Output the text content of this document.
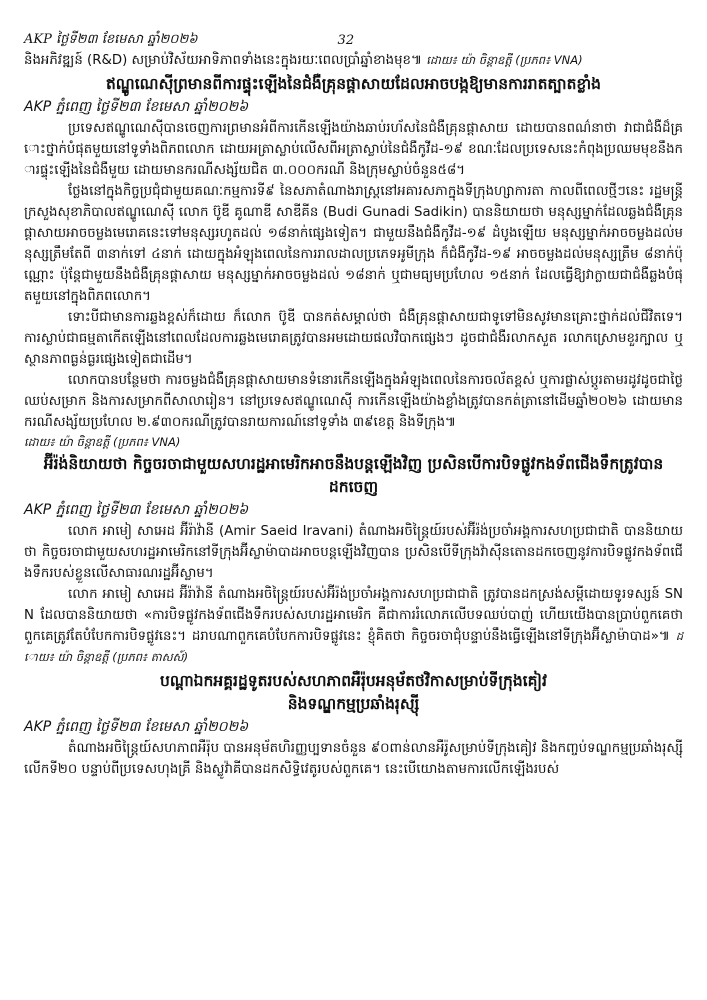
AKP ថ្ងៃទី២៣ ខែមេសា ឆ្នាំ២០២៦	32

និងអភិវឌ្ឍន៍ (R&D) សម្រាប់វិស័យអាទិភាពទាំងនេះក្នុងរយៈពេលប្រាំឆ្នាំខាងមុខ៕ ដោយ៖ យ៉ា ចិន្តាឧត្តី (ប្រភព៖ VNA)

ឥណ្ឌូណេស៊ីព្រមានពីការផ្ទុះឡើងនៃជំងឺគ្រុនផ្តាសាយដែលអាចបង្កឱ្យមានការរាតត្បាតខ្លាំង
AKP ភ្នំពេញ ថ្ងៃទី២៣ ខែមេសា ឆ្នាំ២០២៦

ប្រទេសឥណ្ឌូណេស៊ីបានចេញការព្រមានអំពីការកើនឡើងយ៉ាងឆាប់រហ័សនៃជំងឺគ្រុនផ្តាសាយ ដោយបានពណ៌នាថា វាជាជំងឺដ៏គ្រោះថ្នាក់បំផុតមួយនៅទូទាំងពិភពលោក ដោយអត្រាស្លាប់លើសពីអត្រាស្លាប់នៃជំងឺកូវីដ-១៩ ខណៈដែលប្រទេសនេះកំពុងប្រឈមមុខនឹងការផ្ទុះឡើងនៃជំងឺមួយ ដោយមានករណីសង្ស័យជិត ៣.០០០ករណី និងក្រុមស្លាប់ចំនួន៥៨។

ថ្លែងនៅក្នុងកិច្ចប្រជុំជាមួយគណៈកម្មការទី៩ នៃសភាតំណាងរាស្ត្រនៅអគារសភាក្នុងទីក្រុងហ្សាការតា កាលពីពេលថ្មីៗនេះ រដ្ឋមន្ត្រីក្រសួងសុខាភិបាលឥណ្ឌូណេស៊ី លោក ប៊ូឌី គូណាឌី សាឌីគីន (Budi Gunadi Sadikin) បាននិយាយថា មនុស្សម្នាក់ដែលឆ្លងជំងឺគ្រុនផ្តាសាយអាចចម្លងមេរោគនេះទៅមនុស្សរហូតដល់ ១៨នាក់ផ្សេងទៀត។ ជាមួយនឹងជំងឺកូវីដ-១៩ ដំបូងឡើយ មនុស្សម្នាក់អាចចម្លងដល់មនុស្សត្រឹមតែពី ៣នាក់ទៅ ៤នាក់ ដោយក្នុងអំឡុងពេលនៃការរាលដាលប្រភេទអូមីក្រុង ក៏ជំងឺកូវីដ-១៩ អាចចម្លងដល់មនុស្សត្រឹម ៨នាក់ប៉ុណ្ណោះ ប៉ុន្តែជាមួយនឹងជំងឺគ្រុនផ្តាសាយ មនុស្សម្នាក់អាចចម្លងដល់ ១៨នាក់ ឬជាមធ្យមប្រហែល ១៥នាក់ ដែលធ្វើឱ្យវាក្លាយជាជំងឺឆ្លងបំផុតមួយនៅក្នុងពិភពលោក។

ទោះបីជាមានការឆ្លងខ្ពស់ក៏ដោយ ក៏លោក ប៊ូឌី បានកត់សម្គាល់ថា ជំងឺគ្រុនផ្តាសាយជាទូទៅមិនសូវមានគ្រោះថ្នាក់ដល់ជីវិតទេ។ ការស្លាប់ជាធម្មតាកើតឡើងនៅពេលដែលការឆ្លងមេរោគត្រូវបានអមដោយផលវិបាកផ្សេងៗ ដូចជាជំងឺរលាកសួត រលាកស្រោមខួរក្បាល ឬស្ថានភាពធ្ងន់ធ្ងរផ្សេងទៀតជាដើម។

លោកបានបន្ថែមថា ការចម្លងជំងឺគ្រុនផ្តាសាយមានទំនោរកើនឡើងក្នុងអំឡុងពេលនៃការចល័តខ្ពស់ ឬការផ្លាស់ប្តូរតាមរដូវដូចជាថ្ងៃឈប់សម្រាក និងការសម្រាកពីសាលារៀន។ នៅប្រទេសឥណ្ឌូណេស៊ី ការកើនឡើងយ៉ាងខ្លាំងត្រូវបានកត់ត្រានៅដើមឆ្នាំ២០២៦ ដោយមានករណីសង្ស័យប្រហែល ២.៩៣០ករណីត្រូវបានរាយការណ៍នៅទូទាំង ៣៩ខេត្ត និងទីក្រុង៕

ដោយ៖ យ៉ា ចិន្តាឧត្តី (ប្រភព៖ VNA)
អ៊ីរ៉ង់និយាយថា កិច្ចចរចាជាមួយសហរដ្ឋអាមេរិកអាចនឹងបន្តឡើងវិញ ប្រសិនបើការបិទផ្លូវកងទ័ពជើងទឹកត្រូវបានដកចេញ
AKP ភ្នំពេញ ថ្ងៃទី២៣ ខែមេសា ឆ្នាំ២០២៦

លោក អាមៀ សាអេដ អ៊ីរ៉ាវ៉ានី (Amir Saeid Iravani) តំណាងអចិន្ត្រៃយ៍របស់អ៊ីរ៉ង់ប្រចាំអង្គការសហប្រជាជាតិ បាននិយាយថា កិច្ចចរចាជាមួយសហរដ្ឋអាមេរិកនៅទីក្រុងអ៊ីស្លាម៉ាបាដអាចបន្តឡើងវិញបាន ប្រសិនបើទីក្រុងវ៉ាស៊ីនតោនដកចេញនូវការបិទផ្លូវកងទ័ពជើងទឹករបស់ខ្លួនលើសាធារណរដ្ឋអ៊ីស្លាម។

លោក អាមៀ សាអេដ អ៊ីរ៉ាវ៉ានី តំណាងអចិន្ត្រៃយ៍របស់អ៊ីរ៉ង់ប្រចាំអង្គការសហប្រជាជាតិ ត្រូវបានដកស្រង់សម្តីដោយទូរទស្សន៍ SNN ដែលបាននិយាយថា «ការបិទផ្លូវកងទ័ពជើងទឹករបស់សហរដ្ឋអាមេរិក គឺជាការរំលោភលើបទឈប់បាញ់ ហើយយើងបានប្រាប់ពួកគេថា ពួកគេត្រូវតែបំបែកការបិទផ្លូវនេះ។ ដរាបណាពួកគេបំបែកការបិទផ្លូវនេះ ខ្ញុំគិតថា កិច្ចចរចាជុំបន្ទាប់នឹងធ្វើឡើងនៅទីក្រុងអ៊ីស្លាម៉ាបាដ»៕ ដោយ៖ យ៉ា ចិន្តាឧត្តី (ប្រភព៖ តាសស៍)

បណ្តាឯកអគ្គរដ្ឋទូតរបស់សហភាពអឺរ៉ុបអនុម័តថវិកាសម្រាប់ទីក្រុងគៀវ
និងទណ្ឌកម្មប្រឆាំងរុស្ស៊ី
AKP ភ្នំពេញ ថ្ងៃទី២៣ ខែមេសា ឆ្នាំ២០២៦

តំណាងអចិន្ត្រៃយ៍សហភាពអឺរ៉ុប បានអនុម័តហិរញ្ញប្បទានចំនួន ៩០ពាន់លានអឺរ៉ូសម្រាប់ទីក្រុងគៀវ និងកញ្ចប់ទណ្ឌកម្មប្រឆាំងរុស្ស៊ីលើកទី២០ បន្ទាប់ពីប្រទេសហុងគ្រី និងស្លូវ៉ាគីបានដកសិទ្ធិវេតូរបស់ពួកគេ។ នេះបើយោងតាមការលើកឡើងរបស់
